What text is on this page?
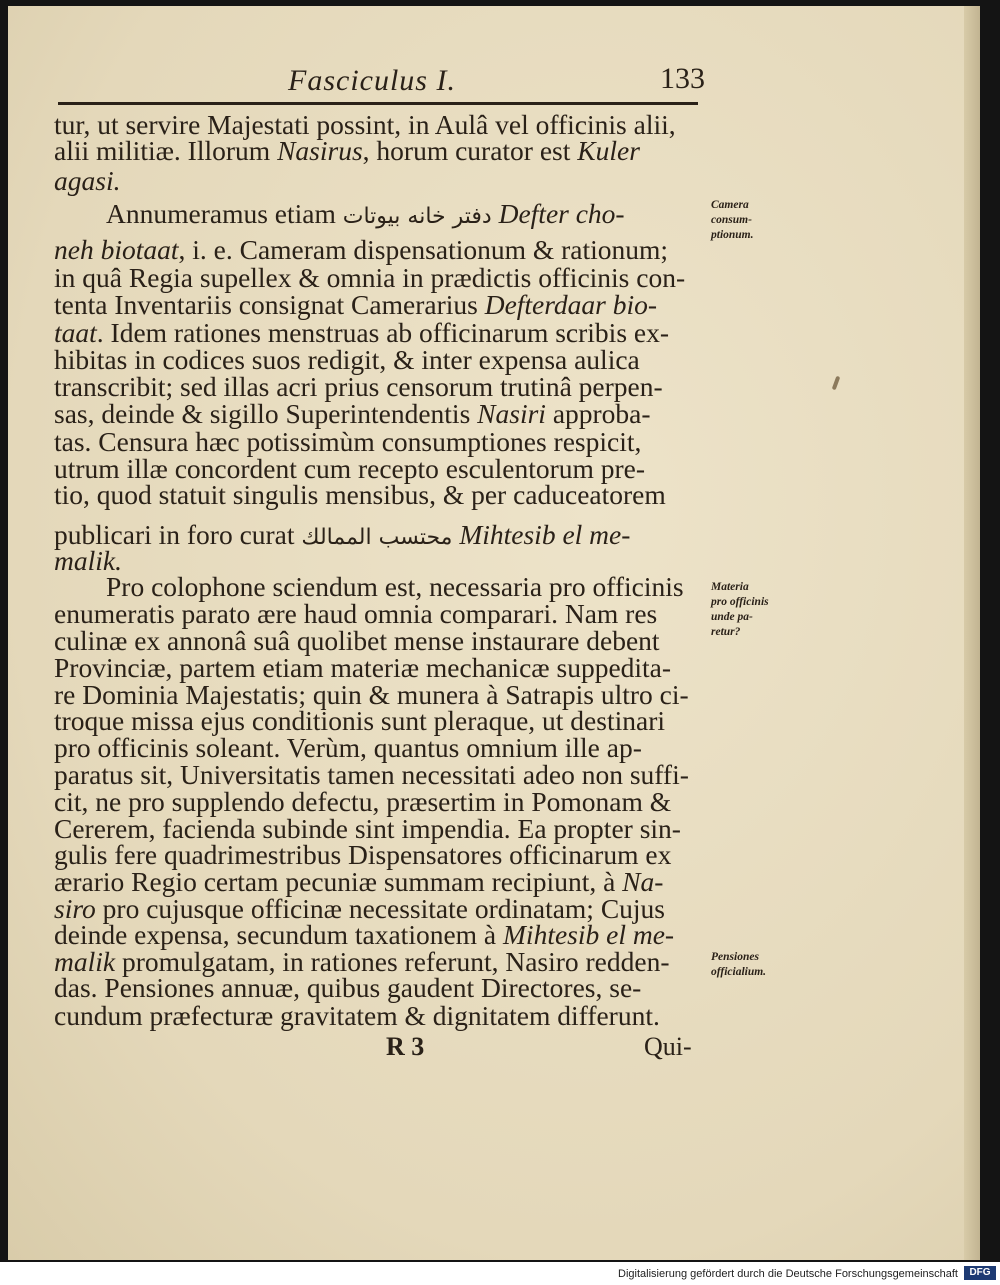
Fasciculus I.	133
tur, ut servire Majestati possint, in Aulâ vel officinis alii,
alii militiæ. Illorum Nasirus, horum curator est Kuler
agasi.
Annumeramus etiam دفتر خانه بیوتات Defter cho-
neh biotaat, i. e. Cameram dispensationum & rationum;
in quâ Regia supellex & omnia in prædictis officinis con-
tenta Inventariis consignat Camerarius Defterdaar bio-
taat. Idem rationes menstruas ab officinarum scribis ex-
hibitas in codices suos redigit, & inter expensa aulica
transcribit; sed illas acri prius censorum trutinâ perpen-
sas, deinde & sigillo Superintendentis Nasiri approba-
tas. Censura hæc potissimùm consumptiones respicit,
utrum illæ concordent cum recepto esculentorum pre-
tio, quod statuit singulis mensibus, & per caduceatorem
publicari in foro curat محتسب الممالك Mihtesib el me-
malik.
Pro colophone sciendum est, necessaria pro officinis
enumeratis parato ære haud omnia comparari. Nam res
culinæ ex annonâ suâ quolibet mense instaurare debent
Provinciæ, partem etiam materiæ mechanicæ suppedita-
re Dominia Majestatis; quin & munera à Satrapis ultro ci-
troque missa ejus conditionis sunt pleraque, ut destinari
pro officinis soleant. Verùm, quantus omnium ille ap-
paratus sit, Universitatis tamen necessitati adeo non suffi-
cit, ne pro supplendo defectu, præsertim in Pomonam &
Cererem, facienda subinde sint impendia. Ea propter sin-
gulis fere quadrimestribus Dispensatores officinarum ex
ærario Regio certam pecuniæ summam recipiunt, à Na-
siro pro cujusque officinæ necessitate ordinatam; Cujus
deinde expensa, secundum taxationem à Mihtesib el me-
malik promulgatam, in rationes referunt, Nasiro redden-
das. Pensiones annuæ, quibus gaudent Directores, se-
cundum præfecturæ gravitatem & dignitatem differunt.
Camera
consum-
ptionum.
Materia
pro officinis
unde pa-
retur?
Pensiones
officialium.
R 3	Qui-
Digitalisierung gefördert durch die Deutsche Forschungsgemeinschaft	DFG
